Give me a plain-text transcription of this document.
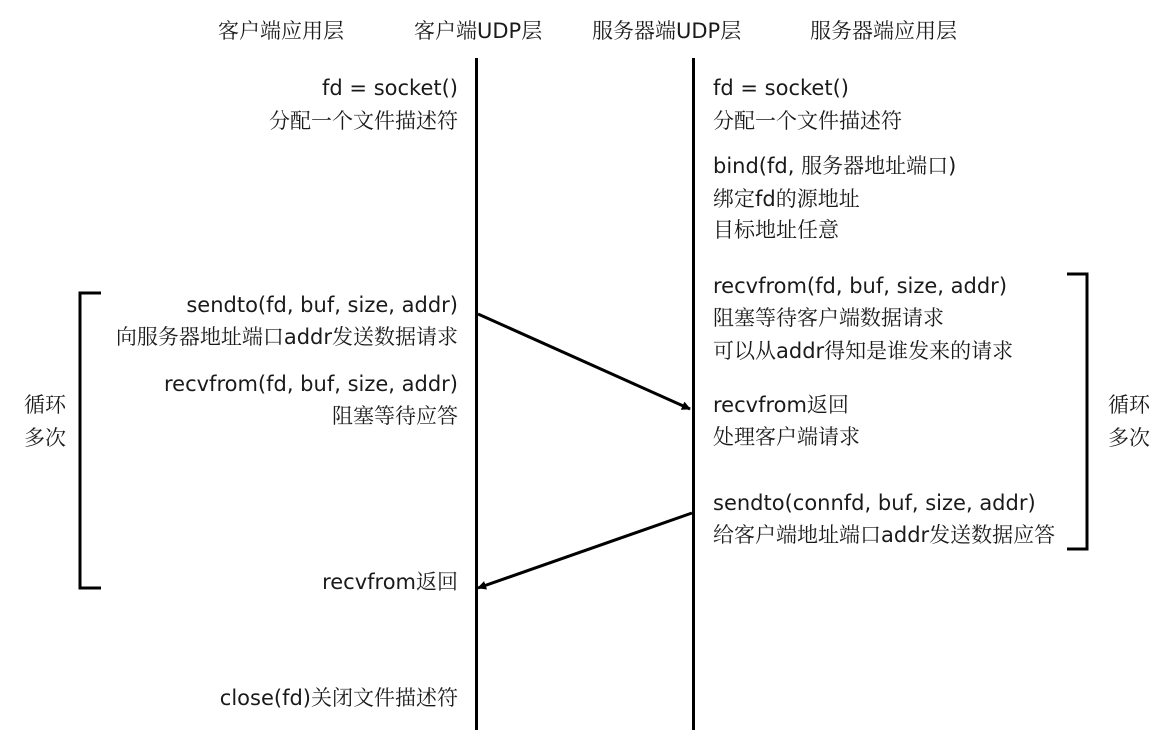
客户端应用层	客户端UDP层 服务器端UDP层	服务器端应用层
fd = socket()
分配一个文件描述符
sendto(fd, buf, size, addr)
向服务器地址端口addr发送数据请求
recvfrom(fd, buf, size, addr)
阻塞等待应答
recvfrom返回
close(fd)关闭文件描述符
循环
多次
fd = socket()
分配一个文件描述符
bind(fd, 服务器地址端口)
绑定fd的源地址
目标地址任意
recvfrom(fd, buf, size, addr)
阻塞等待客户端数据请求
可以从addr得知是谁发来的请求
recvfrom返回
处理客户端请求
sendto(connfd, buf, size, addr)
给客户端地址端口addr发送数据应答
循环
多次
